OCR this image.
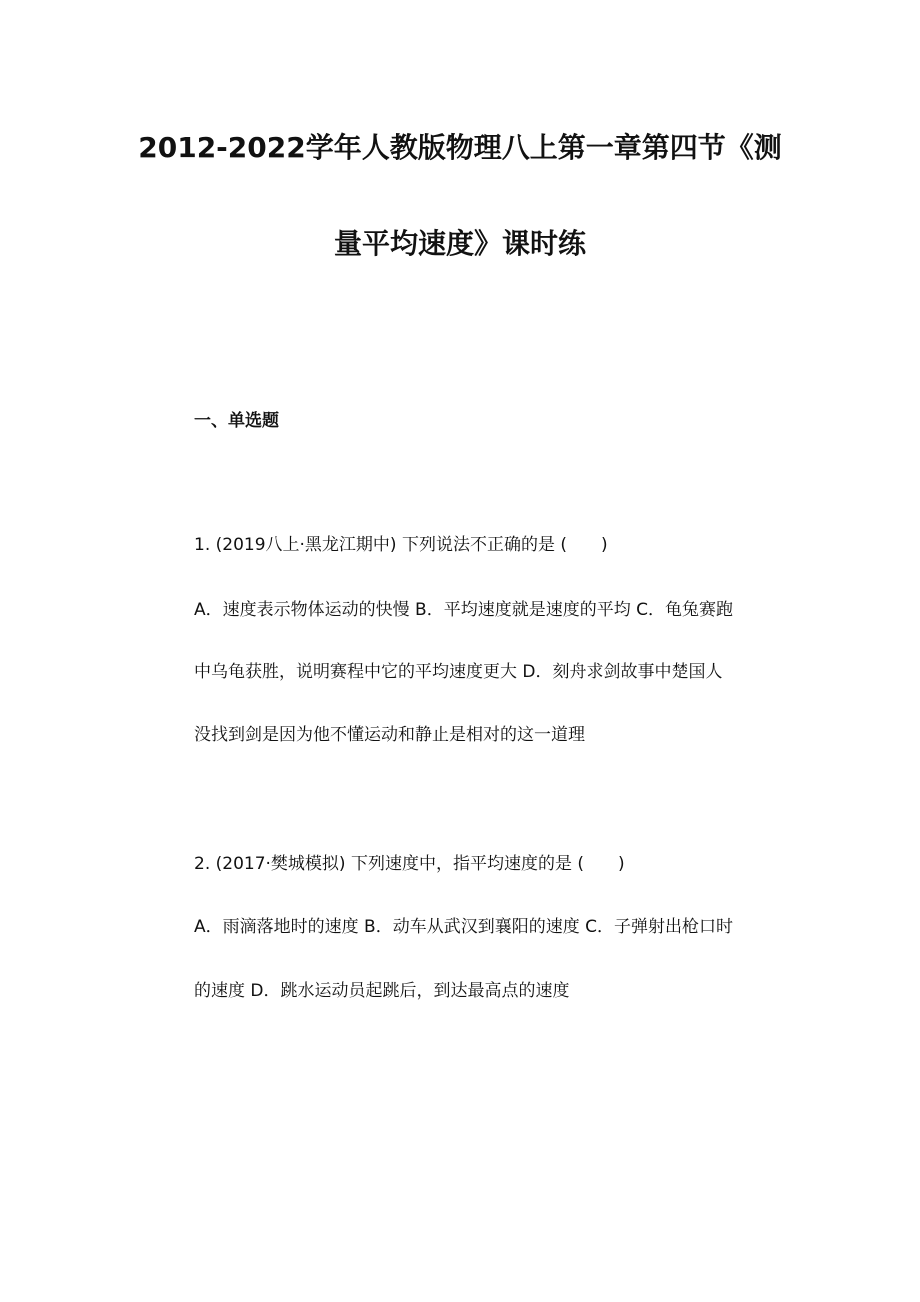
2012-2022学年人教版物理八上第一章第四节《测
量平均速度》课时练
一、单选题
1. (2019八上·黑龙江期中) 下列说法不正确的是 (　　)
A．速度表示物体运动的快慢 B．平均速度就是速度的平均 C．龟兔赛跑
中乌龟获胜，说明赛程中它的平均速度更大 D．刻舟求剑故事中楚国人
没找到剑是因为他不懂运动和静止是相对的这一道理
2. (2017·樊城模拟) 下列速度中，指平均速度的是 (　　)
A．雨滴落地时的速度 B．动车从武汉到襄阳的速度 C．子弹射出枪口时
的速度 D．跳水运动员起跳后，到达最高点的速度
